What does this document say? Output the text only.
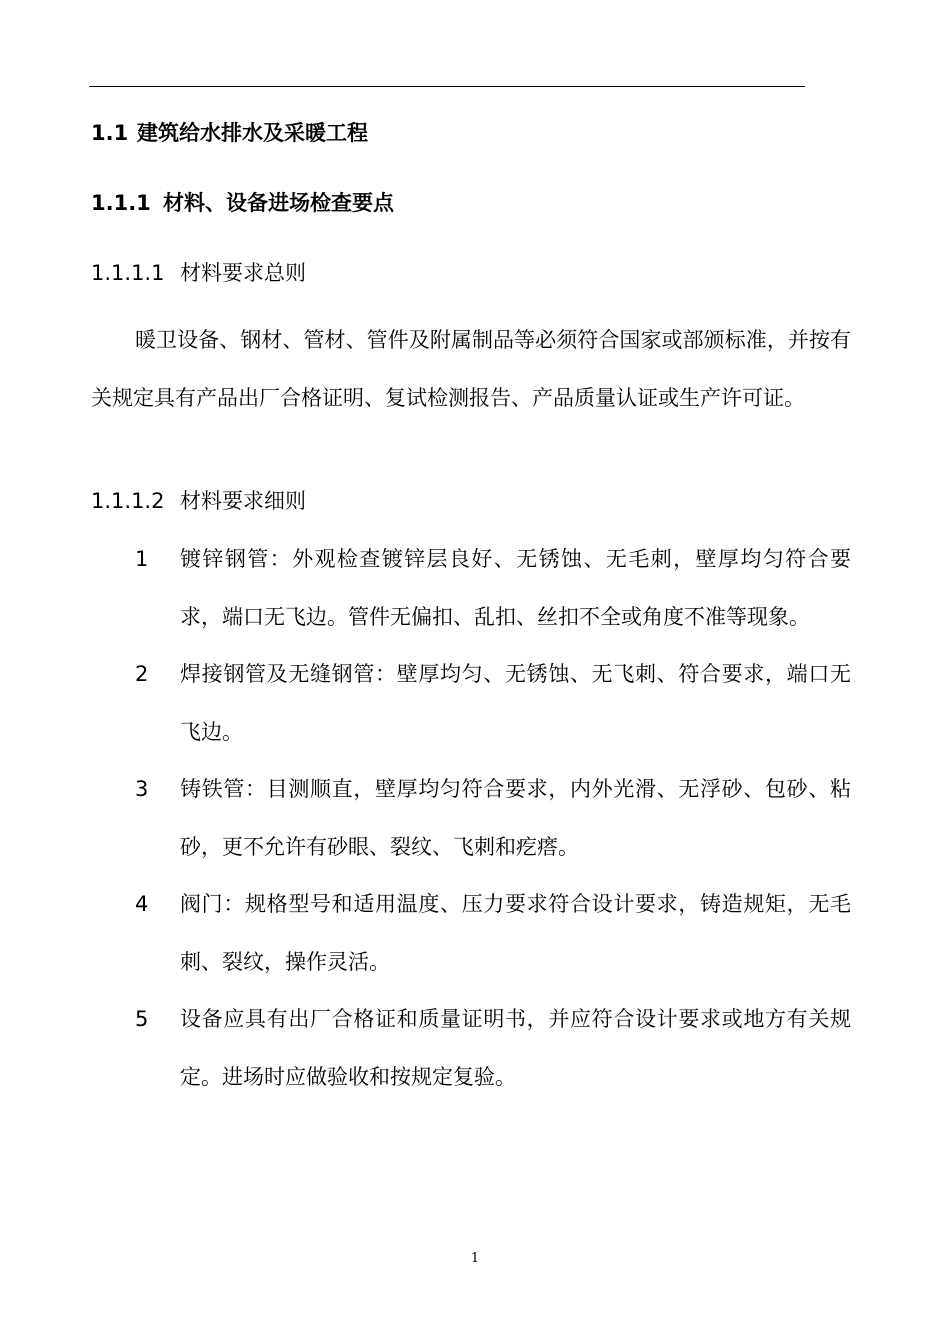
1.1 建筑给水排水及采暖工程
1.1.1 材料、设备进场检查要点
1.1.1.1 材料要求总则

暖卫设备、钢材、管材、管件及附属制品等必须符合国家或部颁标准，并按有关规定具有产品出厂合格证明、复试检测报告、产品质量认证或生产许可证。

1.1.1.2 材料要求细则
1 镀锌钢管：外观检查镀锌层良好、无锈蚀、无毛刺，壁厚均匀符合要求，端口无飞边。管件无偏扣、乱扣、丝扣不全或角度不准等现象。
2 焊接钢管及无缝钢管：壁厚均匀、无锈蚀、无飞刺、符合要求，端口无飞边。
3 铸铁管：目测顺直，壁厚均匀符合要求，内外光滑、无浮砂、包砂、粘砂，更不允许有砂眼、裂纹、飞刺和疙瘩。
4 阀门：规格型号和适用温度、压力要求符合设计要求，铸造规矩，无毛刺、裂纹，操作灵活。
5 设备应具有出厂合格证和质量证明书，并应符合设计要求或地方有关规定。进场时应做验收和按规定复验。
1
